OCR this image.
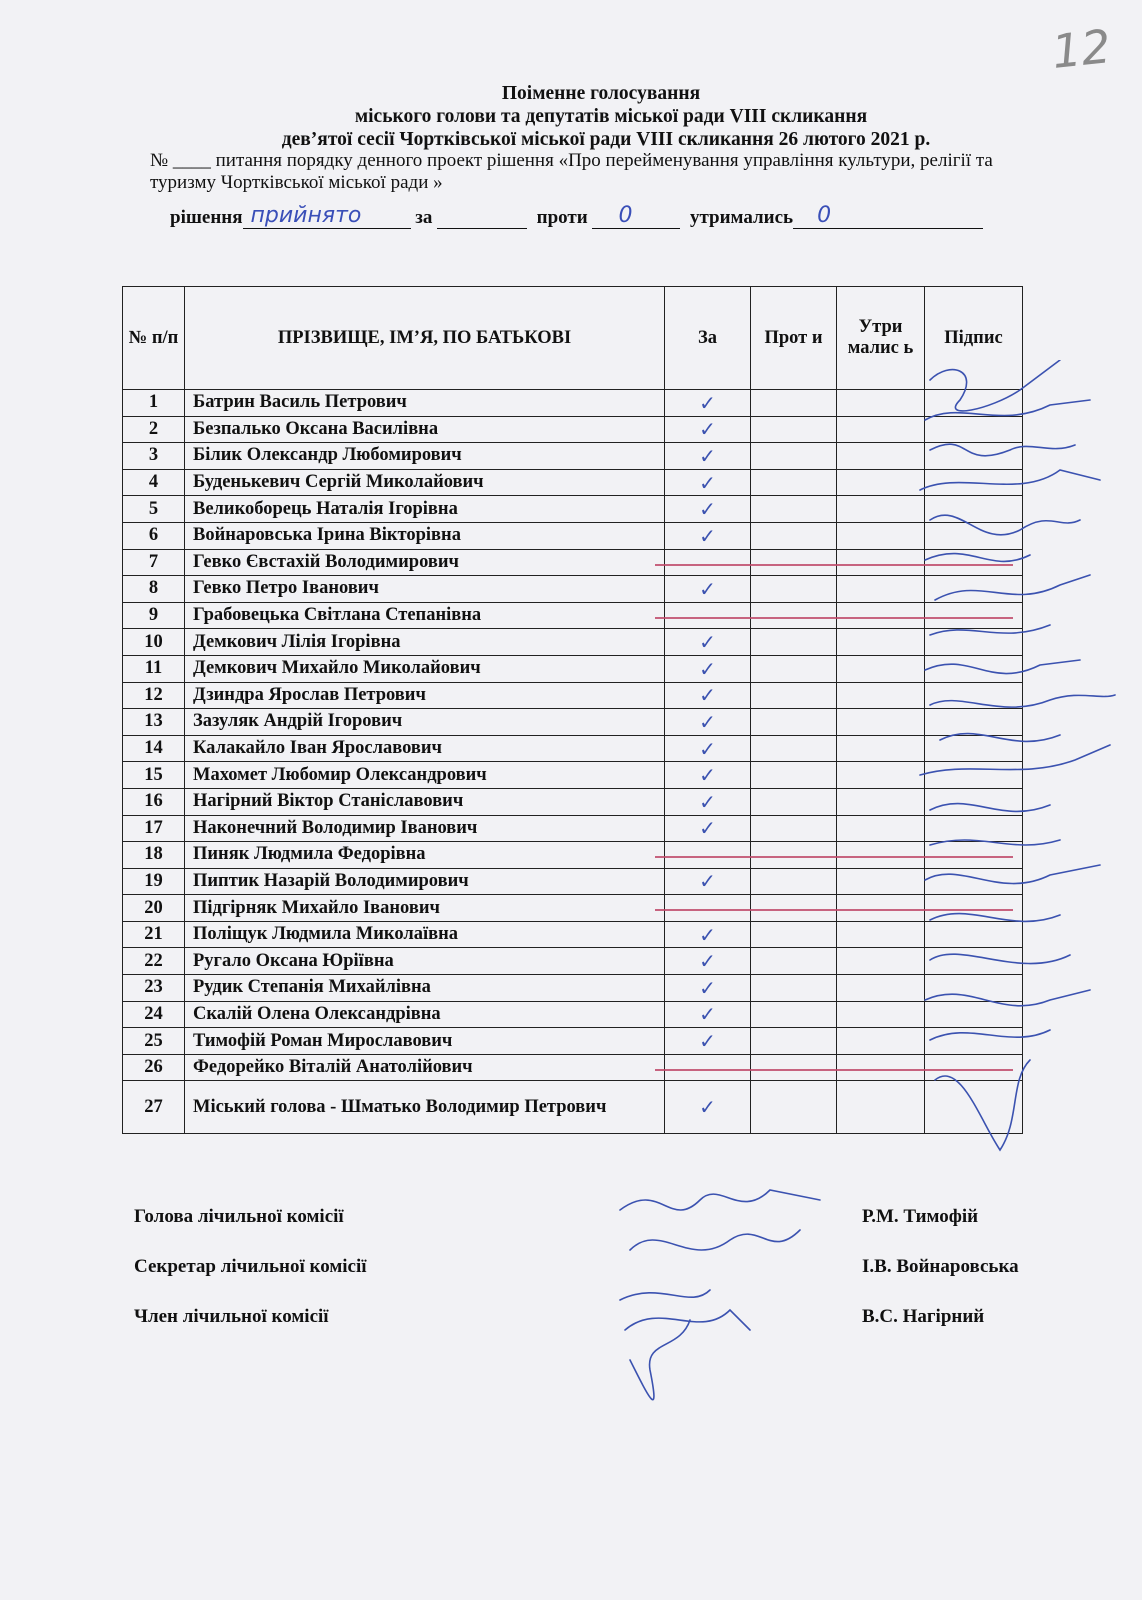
12
Поіменне голосування
міського голови та депутатів міської ради VIII скликання
дев’ятої сесії Чортківської міської ради VIII скликання 26 лютого 2021 р.
№ ____ питання порядку денного проект рішення «Про перейменування управління культури, релігії та туризму Чортківської міської ради »
рішення прийнято	за	проти 0	утримались 0
№ п/п	ПРІЗВИЩЕ, ІМ’Я, ПО БАТЬКОВІ	За	Прот и	Утри малис ь	Підпис
1	Батрин Василь Петрович	✓			
2	Безпалько Оксана Василівна	✓			
3	Білик Олександр Любомирович	✓			
4	Буденькевич Сергій Миколайович	✓			
5	Великоборець Наталія Ігорівна	✓			
6	Войнаровська Ірина Вікторівна	✓			
7	Гевко Євстахій Володимирович				
8	Гевко Петро Іванович	✓			
9	Грабовецька Світлана Степанівна				
10	Демкович Лілія Ігорівна	✓			
11	Демкович Михайло Миколайович	✓			
12	Дзиндра Ярослав Петрович	✓			
13	Зазуляк Андрій Ігорович	✓			
14	Калакайло Іван Ярославович	✓			
15	Махомет Любомир Олександрович	✓			
16	Нагірний Віктор Станіславович	✓			
17	Наконечний Володимир Іванович	✓			
18	Пиняк Людмила Федорівна				
19	Пиптик Назарій Володимирович	✓			
20	Підгірняк Михайло Іванович				
21	Поліщук Людмила Миколаївна	✓			
22	Ругало Оксана Юріївна	✓			
23	Рудик Степанія Михайлівна	✓			
24	Скалій Олена Олександрівна	✓			
25	Тимофій Роман Мирославович	✓			
26	Федорейко Віталій Анатолійович				
27	Міський голова - Шматько Володимир Петрович	✓			
Голова лічильної комісії	Р.М. Тимофій
Секретар лічильної комісії	І.В. Войнаровська
Член лічильної комісії	В.С. Нагірний
